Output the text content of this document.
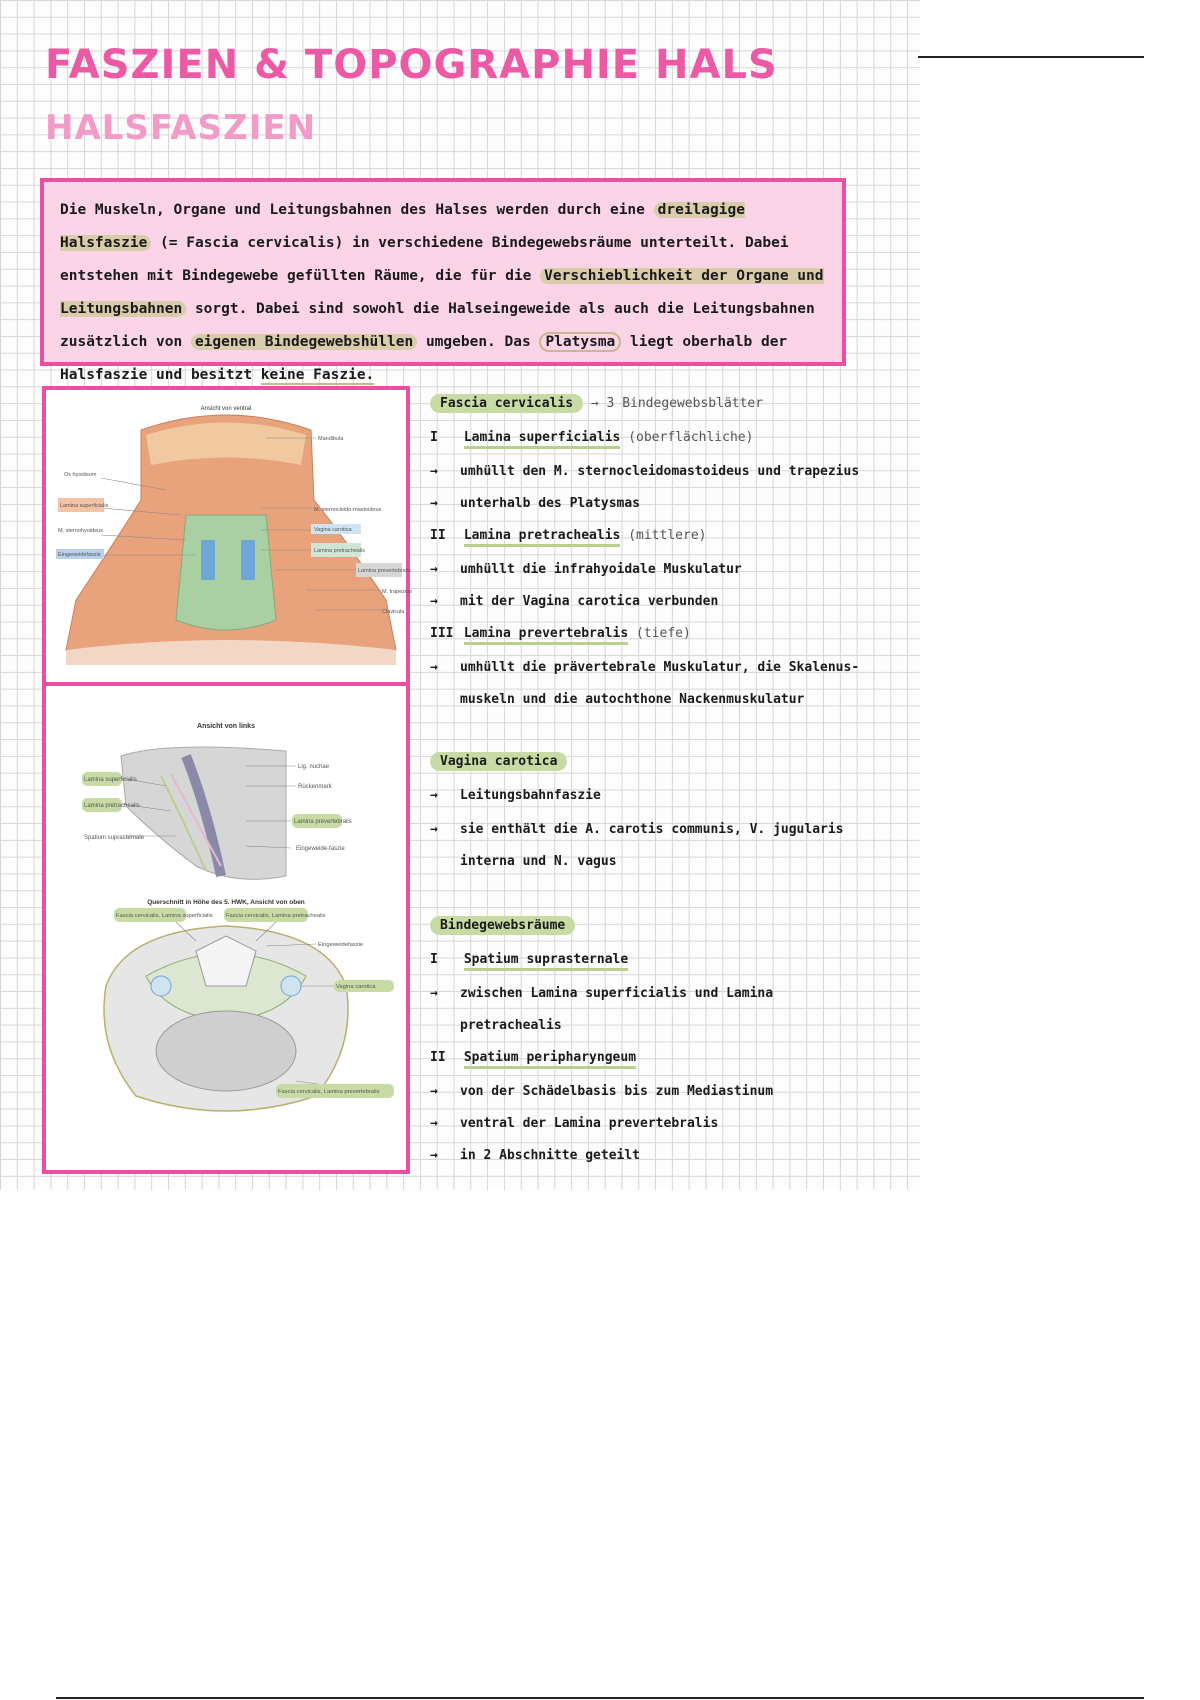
FASZIEN & TOPOGRAPHIE HALS
HALSFASZIEN
Die Muskeln, Organe und Leitungsbahnen des Halses werden durch eine dreilagige Halsfaszie (= Fascia cervicalis) in verschiedene Bindegewebsräume unterteilt. Dabei entstehen mit Bindegewebe gefüllten Räume, die für die Verschieblichkeit der Organe und Leitungsbahnen sorgt. Dabei sind sowohl die Halseingeweide als auch die Leitungsbahnen zusätzlich von eigenen Bindegewebshüllen umgeben. Das Platysma liegt oberhalb der Halsfaszie und besitzt keine Faszie.
Ansicht von ventral
Mandibula
Os hyoideum
Lamina superficialis
M. sternohyoideus
Eingeweidefaszie
M. sternocleido-mastoideus
Vagina carotica
Lamina pretrachealis
Lamina prevertebralis
M. trapezius
Clavicula
Ansicht von links
Lig. nuchae
Rückenmark
Lamina superficialis
Lamina pretrachealis
Lamina prevertebralis
Spatium suprasternale
Eingeweide-faszie
Querschnitt in Höhe des 5. HWK, Ansicht von oben
Fascia cervicalis, Lamina superficialis Fascia cervicalis, Lamina pretrachealis
Eingeweidefaszie
Vagina carotica
Fascia cervicalis, Lamina prevertebralis
Fascia cervicalis → 3 Bindegewebsblätter
I Lamina superficialis (oberflächliche)
→ umhüllt den M. sternocleidomastoideus und trapezius
→ unterhalb des Platysmas
II Lamina pretrachealis (mittlere)
→ umhüllt die infrahyoidale Muskulatur
→ mit der Vagina carotica verbunden
III Lamina prevertebralis (tiefe)
→ umhüllt die prävertebrale Muskulatur, die Skalenus-
muskeln und die autochthone Nackenmuskulatur
Vagina carotica
→ Leitungsbahnfaszie
→ sie enthält die A. carotis communis, V. jugularis
interna und N. vagus
Bindegewebsräume
I Spatium suprasternale
→ zwischen Lamina superficialis und Lamina
pretrachealis
II Spatium peripharyngeum
→ von der Schädelbasis bis zum Mediastinum
→ ventral der Lamina prevertebralis
→ in 2 Abschnitte geteilt
